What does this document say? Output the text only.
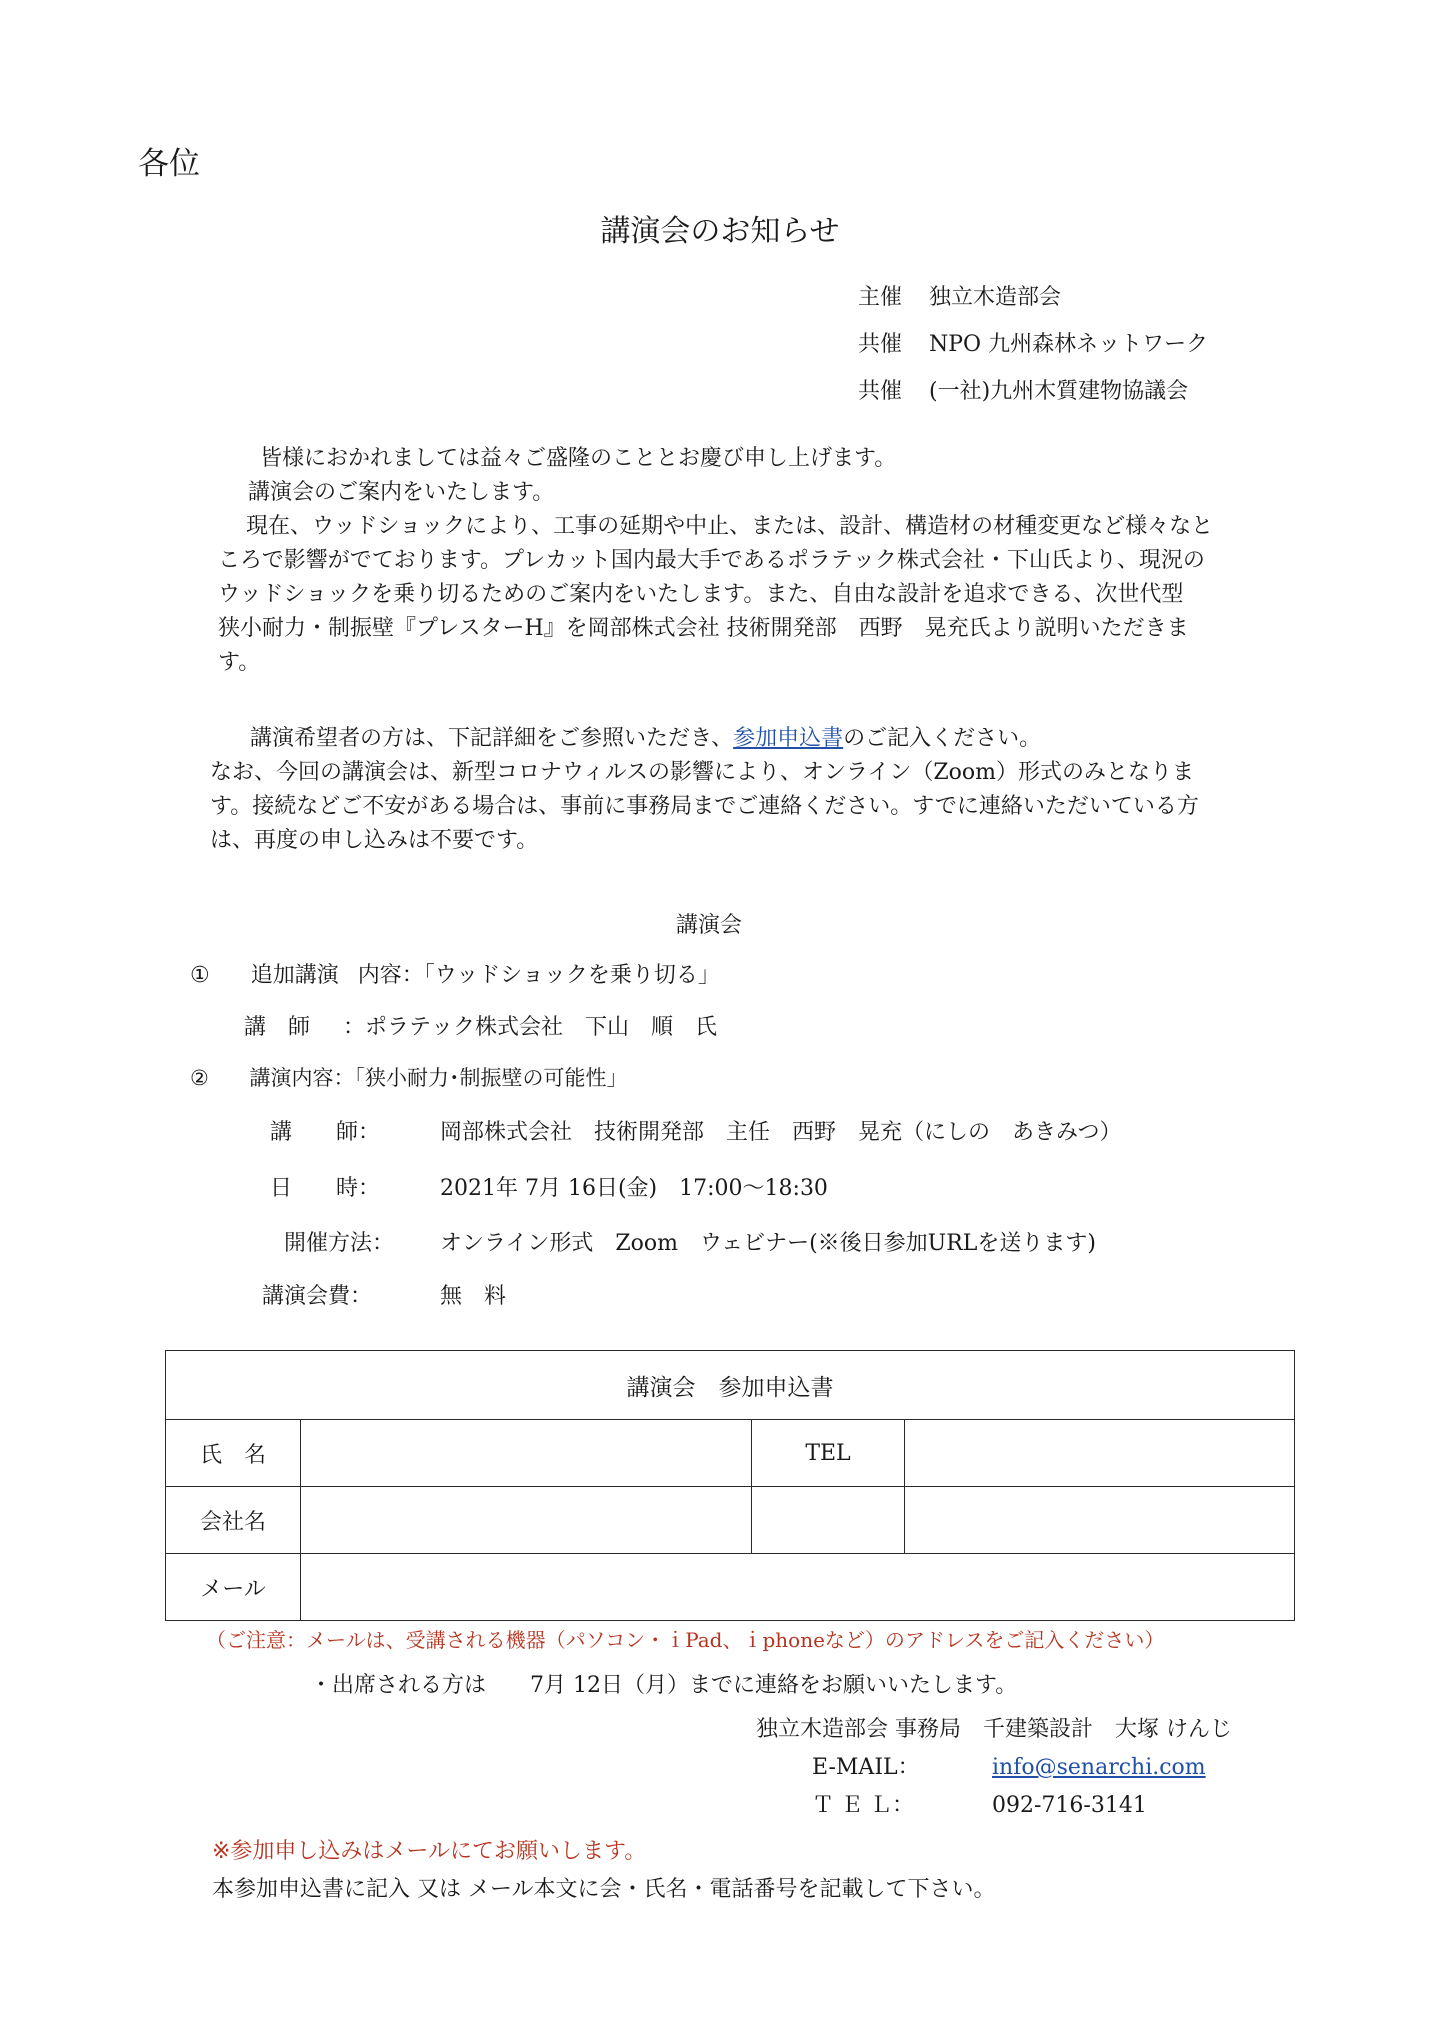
各位
講演会のお知らせ
主催 独立木造部会
共催 NPO 九州森林ネットワーク
共催 (一社)九州木質建物協議会

皆様におかれましては益々ご盛隆のこととお慶び申し上げます。

講演会のご案内をいたします。

現在、ウッドショックにより、工事の延期や中止、または、設計、構造材の材種変更など様々なところで影響がでております。プレカット国内最大手であるポラテック株式会社・下山氏より、現況のウッドショックを乗り切るためのご案内をいたします。また、自由な設計を追求できる、次世代型　狭小耐力・制振壁『プレスターH』を岡部株式会社 技術開発部　西野　晃充氏より説明いただきます。

講演希望者の方は、下記詳細をご参照いただき、参加申込書のご記入ください。

なお、今回の講演会は、新型コロナウィルスの影響により、オンライン（Zoom）形式のみとなります。接続などご不安がある場合は、事前に事務局までご連絡ください。すでに連絡いただいている方は、再度の申し込みは不要です。

講演会
① 追加講演 内容：「ウッドショックを乗り切る」
講　師 ：ポラテック株式会社　下山　順　氏
② 講演内容：「狭小耐力･制振壁の可能性」
講　　師：	岡部株式会社　技術開発部　主任　西野　晃充（にしの　あきみつ）
日　　時：	2021年 7月 16日(金)　17:00〜18:30
開催方法： オンライン形式　Zoom　ウェビナー(※後日参加URLを送ります)
講演会費：	無　料
講演会　参加申込書			
氏　名		TEL	
会社名			
メール			
（ご注意：メールは、受講される機器（パソコン・ｉPad、ｉphoneなど）のアドレスをご記入ください）
・出席される方は　　7月 12日（月）までに連絡をお願いいたします。
独立木造部会 事務局　千建築設計　大塚 けんじ
E-MAIL：	info@senarchi.com
Ｔ Ｅ Ｌ：	092-716-3141
※参加申し込みはメールにてお願いします。
本参加申込書に記入 又は メール本文に会・氏名・電話番号を記載して下さい。
